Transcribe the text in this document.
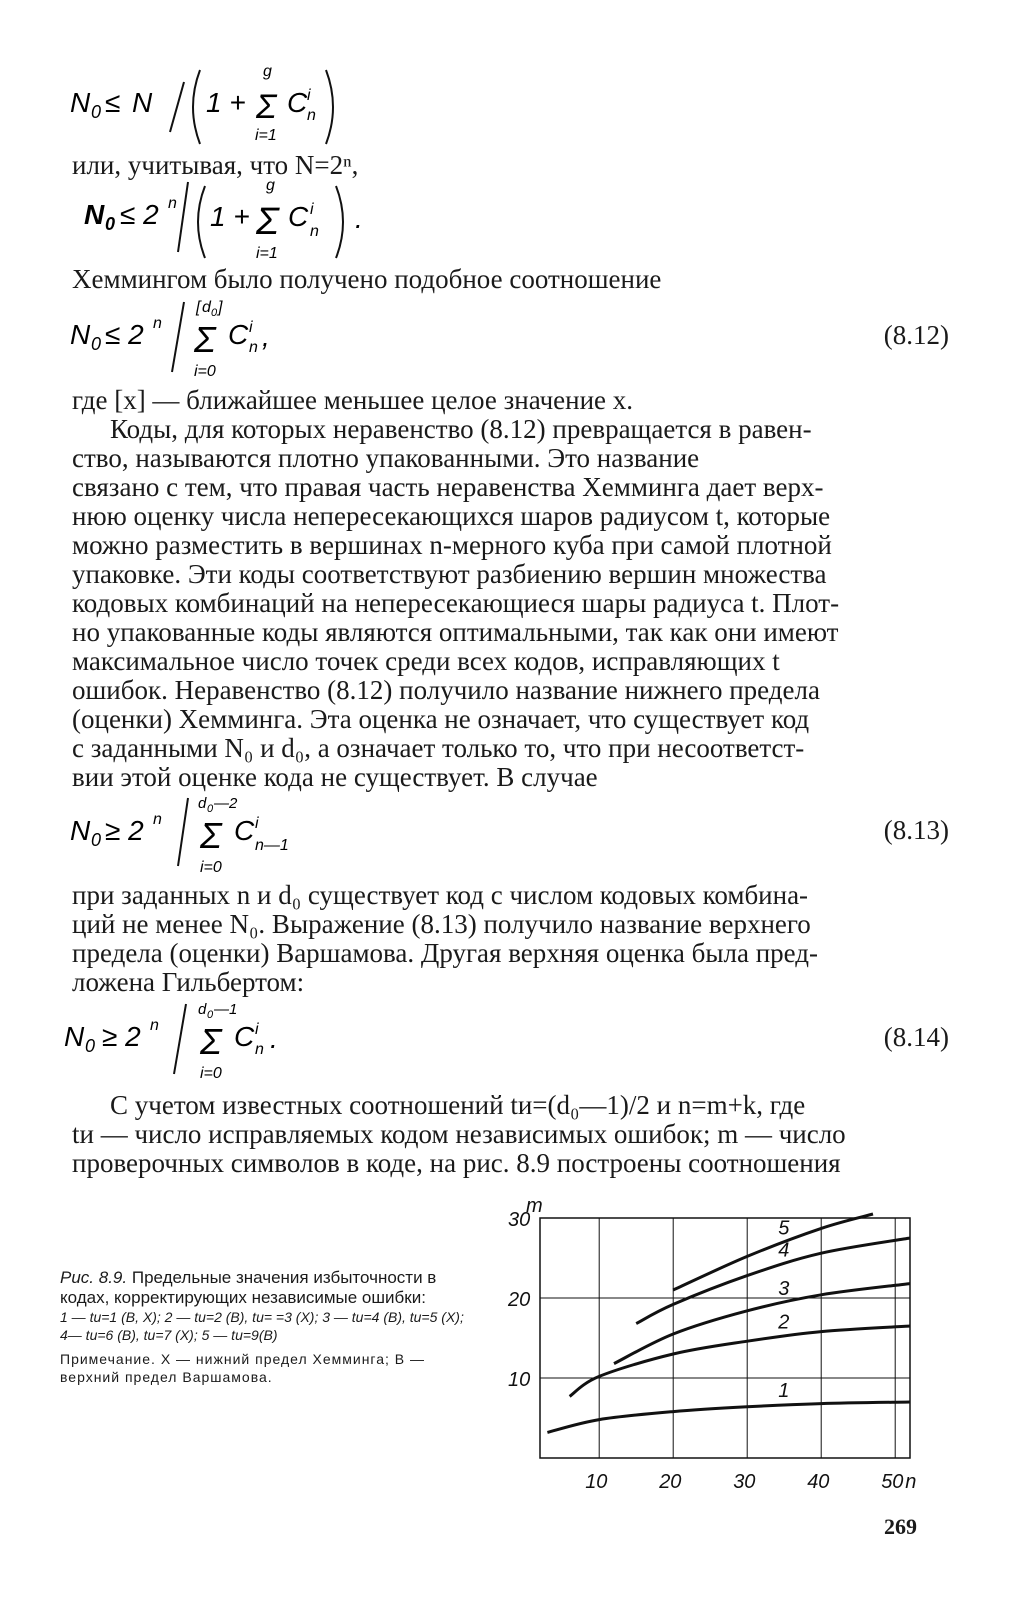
N 0 ≤ N 1 + Σ
g
i=1
C i
n
или, учитывая, что N=2ⁿ,
N 0 ≤ 2 n 1 + Σ
g
i=1
C i
n .
Хеммингом было получено подобное соотношение
N 0 ≤ 2 n Σ
[ d 0 ]
i=0
C i
n ,	(8.12)
где [x] — ближайшее меньшее целое значение x.
Коды, для которых неравенство (8.12) превращается в равен-
ство, называются плотно упакованными. Это название
связано с тем, что правая часть неравенства Хемминга дает верх-
нюю оценку числа непересекающихся шаров радиусом t, которые
можно разместить в вершинах n-мерного куба при самой плотной
упаковке. Эти коды соответствуют разбиению вершин множества
кодовых комбинаций на непересекающиеся шары радиуса t. Плот-
но упакованные коды являются оптимальными, так как они имеют
максимальное число точек среди всех кодов, исправляющих t
ошибок. Неравенство (8.12) получило название нижнего предела
(оценки) Хемминга. Эта оценка не означает, что существует код
с заданными N₀ и d₀, а означает только то, что при несоответст-
вии этой оценке кода не существует. В случае
N 0 ≥ 2 n Σ
d 0 —2
i=0
C i
n—1
(8.13)
при заданных n и d₀ существует код с числом кодовых комбина-
ций не менее N₀. Выражение (8.13) получило название верхнего
предела (оценки) Варшамова. Другая верхняя оценка была пред-
ложена Гильбертом:
N 0 ≥ 2 n Σ
d 0 —1
i=0
C i
n .	(8.14)
С учетом известных соотношений tи=(d₀—1)/2 и n=m+k, где
tи — число исправляемых кодом независимых ошибок; m — число
проверочных символов в коде, на рис. 8.9 построены соотношения
Рис. 8.9. Предельные значения избыточности в кодах, корректирующих независимые ошибки:
1 — tи=1 (В, Х); 2 — tи=2 (В), tи= =3 (Х); 3 — tи=4 (В), tи=5 (Х); 4— tи=6 (В), tи=7 (Х); 5 — tи=9(В)
Примечание. Х — нижний предел Хемминга; В — верхний предел Варшамова.
1
2
3
4
5
10	20	30	40	50
10
20
30
n
m
269
